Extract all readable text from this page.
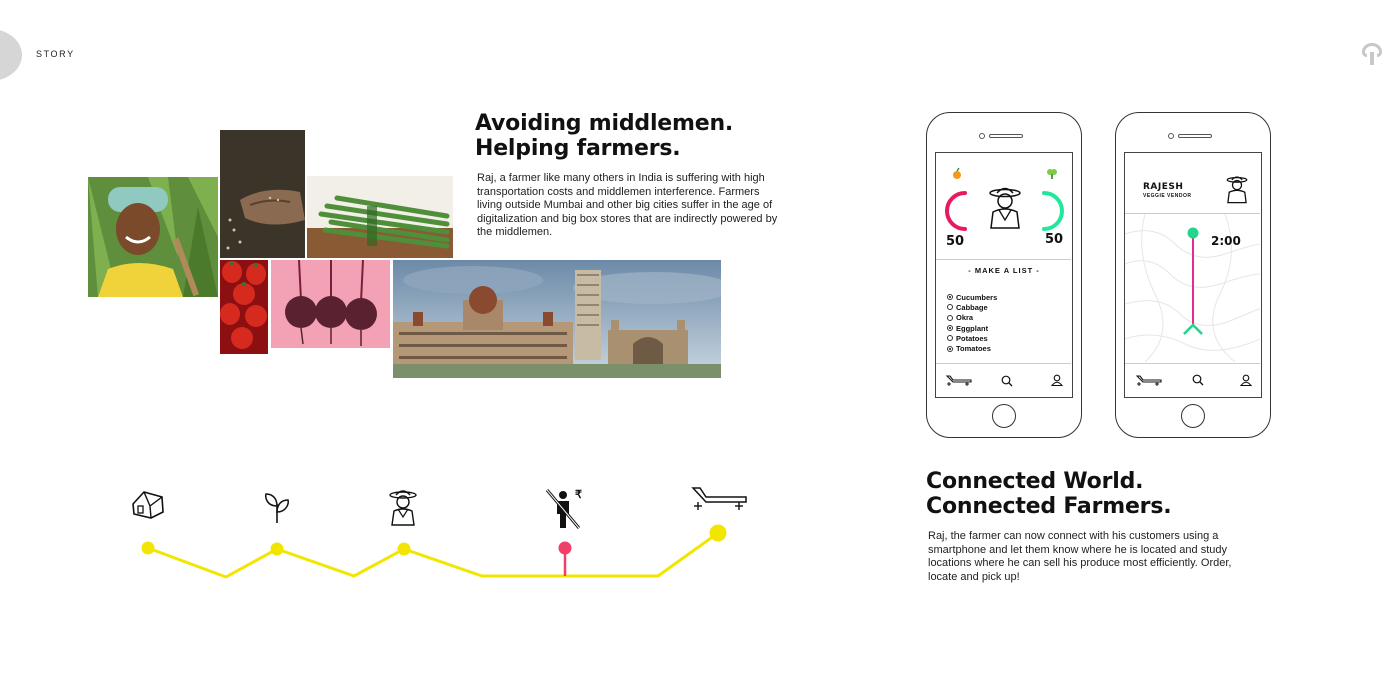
STORY
Avoiding middlemen.
Helping farmers.
Raj, a farmer like many others in India is suffering with high transportation costs and middlemen interference. Farmers living outside Mumbai and other big cities suffer in the age of digitalization and big box stores that are indirectly powered by the middlemen.
₹
50	50
- MAKE A LIST -
Cucumbers
Cabbage
Okra
Eggplant
Potatoes
Tomatoes
RAJESH
VEGGIE VENDOR
2:00
Connected World.
Connected Farmers.
Raj, the farmer can now connect with his customers using a smartphone and let them know where he is located and study locations where he can sell his produce most efficiently. Order, locate and pick up!
